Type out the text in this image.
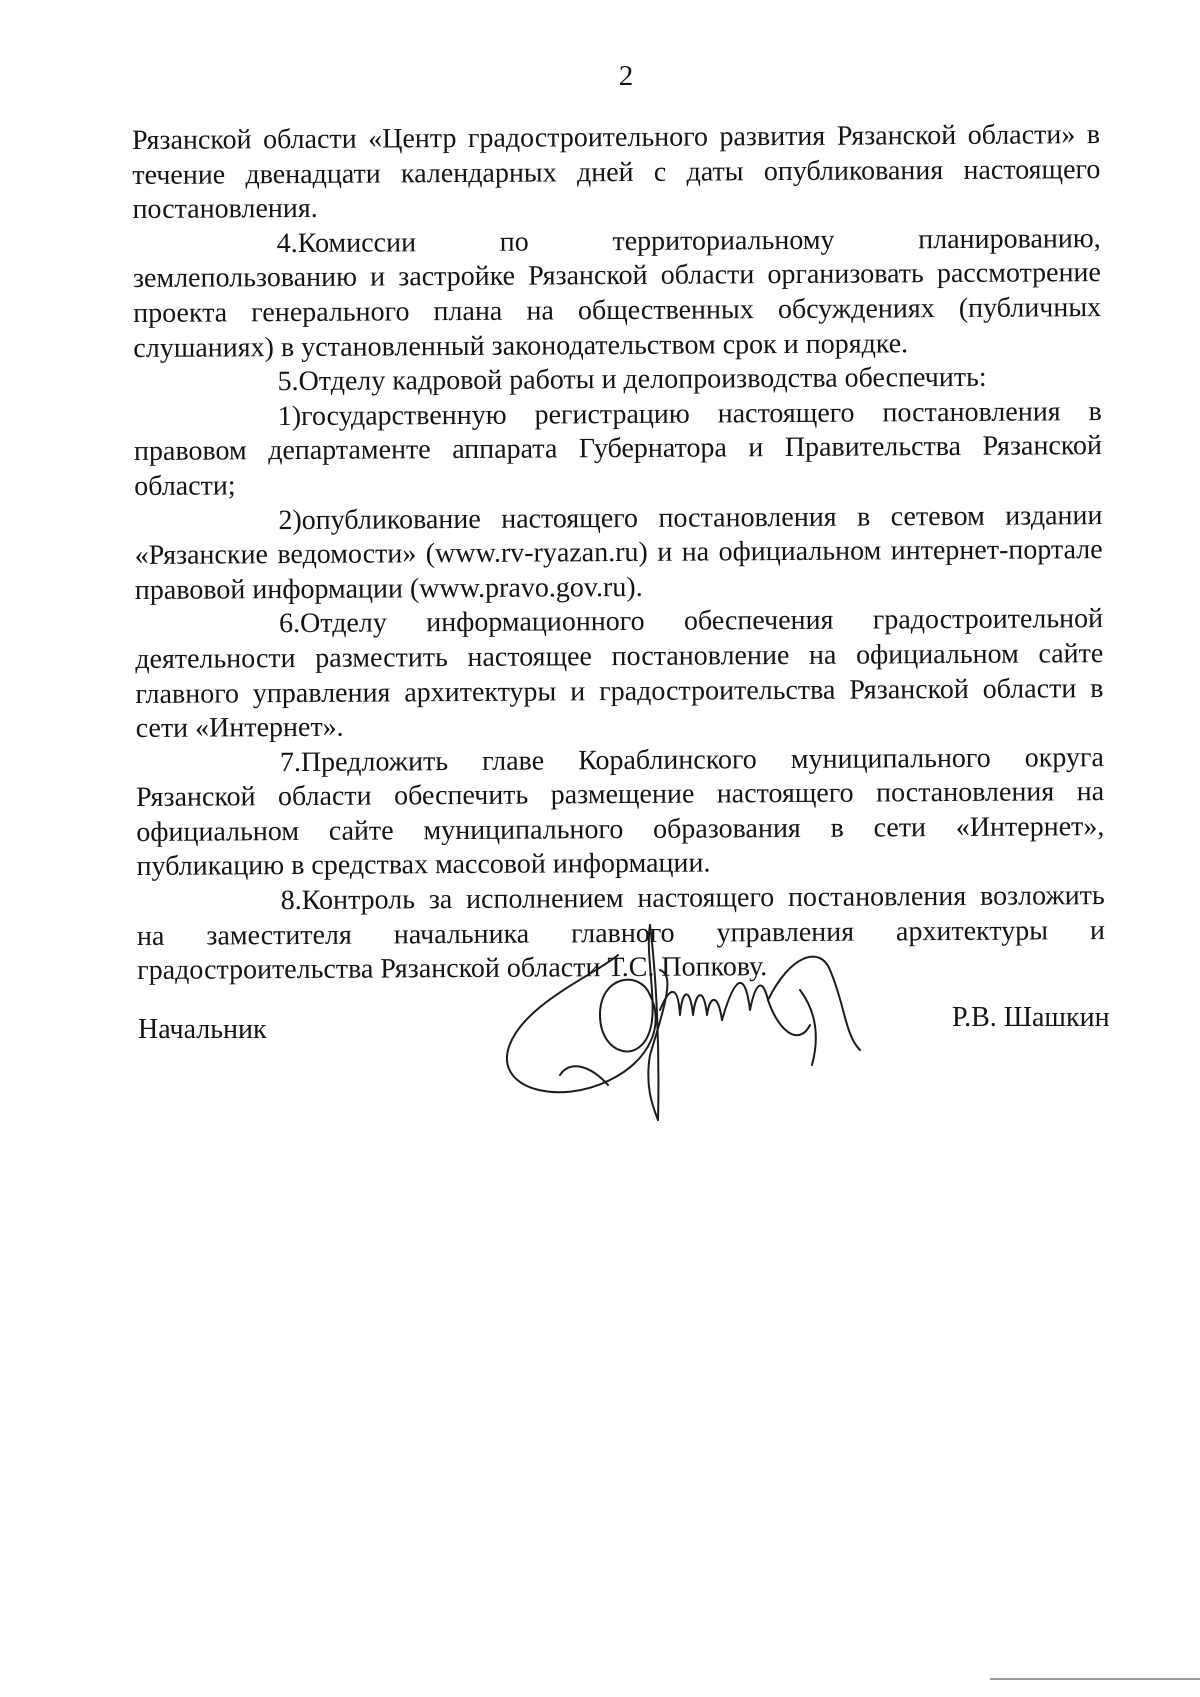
2

Рязанской области «Центр градостроительного развития Рязанской области» в течение двенадцати календарных дней с даты опубликования настоящего постановления.

4.Комиссии по территориальному планированию, землепользованию и застройке Рязанской области организовать рассмотрение проекта генерального плана на общественных обсуждениях (публичных слушаниях) в установленный законодательством срок и порядке.

5.Отделу кадровой работы и делопроизводства обеспечить:

1)государственную регистрацию настоящего постановления в правовом департаменте аппарата Губернатора и Правительства Рязанской области;

2)опубликование настоящего постановления в сетевом издании «Рязанские ведомости» (www.rv-ryazan.ru) и на официальном интернет-портале правовой информации (www.pravo.gov.ru).

6.Отделу информационного обеспечения градостроительной деятельности разместить настоящее постановление на официальном сайте главного управления архитектуры и градостроительства Рязанской области в сети «Интернет».

7.Предложить главе Кораблинского муниципального округа Рязанской области обеспечить размещение настоящего постановления на официальном сайте муниципального образования в сети «Интернет», публикацию в средствах массовой информации.

8.Контроль за исполнением настоящего постановления возложить на заместителя начальника главного управления архитектуры и градостроительства Рязанской области Т.С. Попкову.

Начальник	Р.В. Шашкин
